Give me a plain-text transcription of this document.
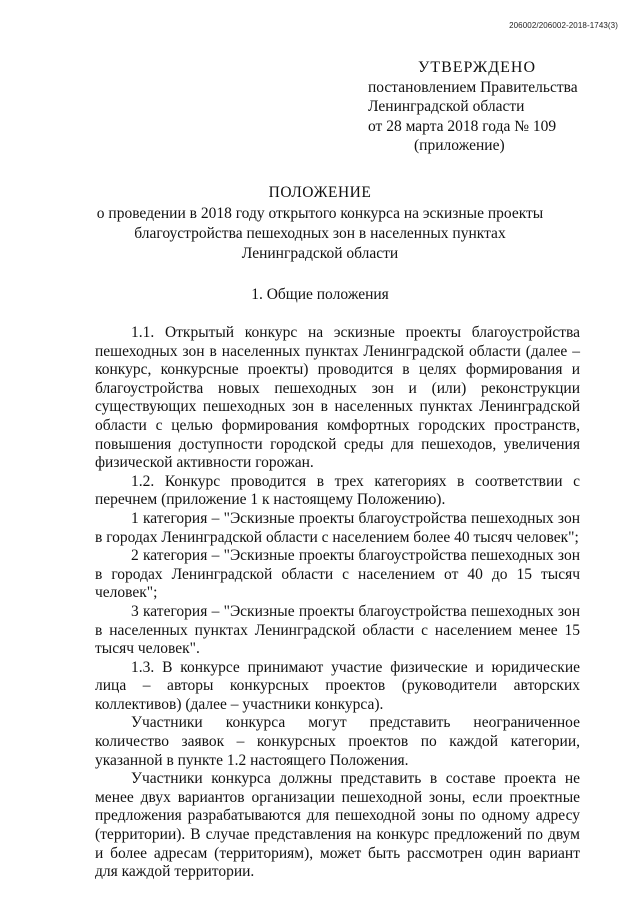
206002/206002-2018-1743(3)
УТВЕРЖДЕНО
постановлением Правительства
Ленинградской области
от 28 марта 2018 года № 109
(приложение)
ПОЛОЖЕНИЕ
о проведении в 2018 году открытого конкурса на эскизные проекты
благоустройства пешеходных зон в населенных пунктах
Ленинградской области
1. Общие положения

1.1. Открытый конкурс на эскизные проекты благоустройства пешеходных зон в населенных пунктах Ленинградской области (далее – конкурс, конкурсные проекты) проводится в целях формирования и благоустройства новых пешеходных зон и (или) реконструкции существующих пешеходных зон в населенных пунктах Ленинградской области с целью формирования комфортных городских пространств, повышения доступности городской среды для пешеходов, увеличения физической активности горожан.

1.2. Конкурс проводится в трех категориях в соответствии с перечнем (приложение 1 к настоящему Положению).

1 категория – "Эскизные проекты благоустройства пешеходных зон в городах Ленинградской области с населением более 40 тысяч человек";

2 категория – "Эскизные проекты благоустройства пешеходных зон в городах Ленинградской области с населением от 40 до 15 тысяч человек";

3 категория – "Эскизные проекты благоустройства пешеходных зон в населенных пунктах Ленинградской области с населением менее 15 тысяч человек".

1.3. В конкурсе принимают участие физические и юридические лица – авторы конкурсных проектов (руководители авторских коллективов) (далее – участники конкурса).

Участники конкурса могут представить неограниченное количество заявок – конкурсных проектов по каждой категории, указанной в пункте 1.2 настоящего Положения.

Участники конкурса должны представить в составе проекта не менее двух вариантов организации пешеходной зоны, если проектные предложения разрабатываются для пешеходной зоны по одному адресу (территории). В случае представления на конкурс предложений по двум и более адресам (территориям), может быть рассмотрен один вариант для каждой территории.
